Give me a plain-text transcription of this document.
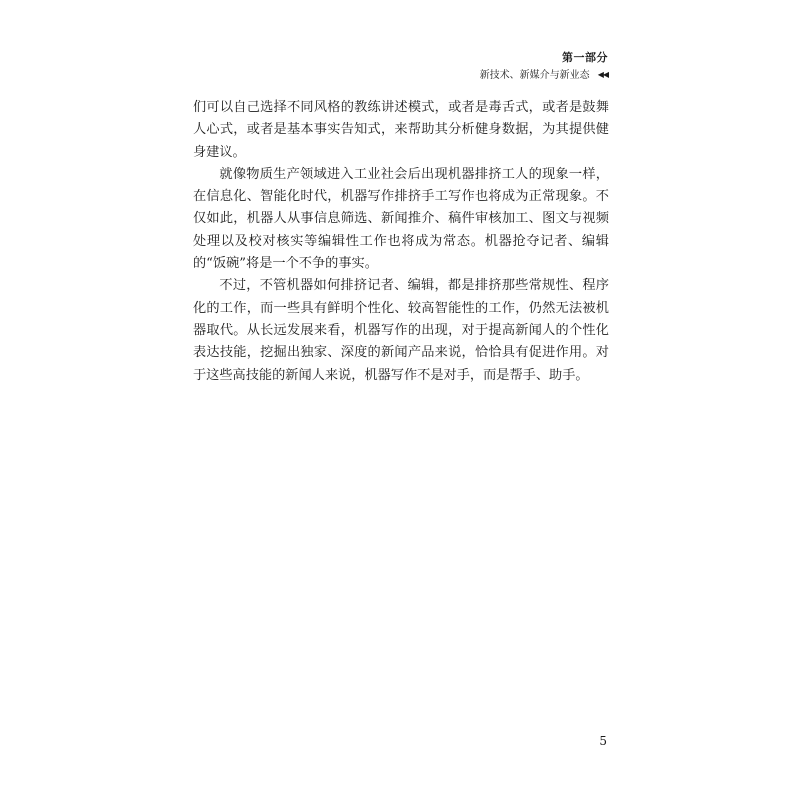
第一部分
新技术、新媒介与新业态 ◀◀

们可以自己选择不同风格的教练讲述模式，或者是毒舌式，或者是鼓舞人心式，或者是基本事实告知式，来帮助其分析健身数据，为其提供健身建议。

就像物质生产领域进入工业社会后出现机器排挤工人的现象一样，在信息化、智能化时代，机器写作排挤手工写作也将成为正常现象。不仅如此，机器人从事信息筛选、新闻推介、稿件审核加工、图文与视频处理以及校对核实等编辑性工作也将成为常态。机器抢夺记者、编辑的“饭碗”将是一个不争的事实。

不过，不管机器如何排挤记者、编辑，都是排挤那些常规性、程序化的工作，而一些具有鲜明个性化、较高智能性的工作，仍然无法被机器取代。从长远发展来看，机器写作的出现，对于提高新闻人的个性化表达技能，挖掘出独家、深度的新闻产品来说，恰恰具有促进作用。对于这些高技能的新闻人来说，机器写作不是对手，而是帮手、助手。

5
